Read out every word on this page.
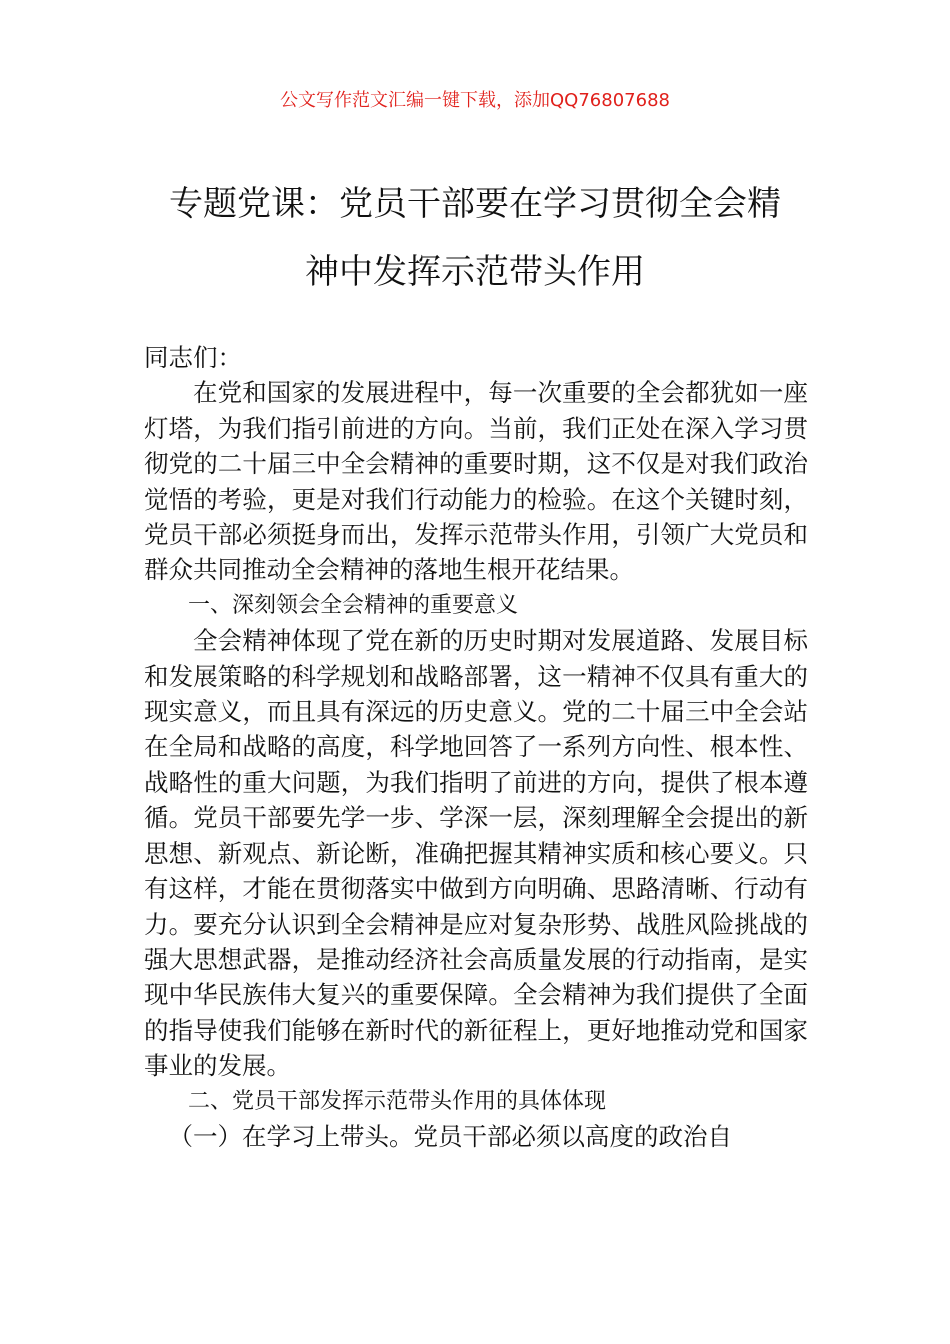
公文写作范文汇编一键下载，添加QQ76807688
专题党课：党员干部要在学习贯彻全会精
神中发挥示范带头作用

同志们：

在党和国家的发展进程中，每一次重要的全会都犹如一座灯塔，为我们指引前进的方向。当前，我们正处在深入学习贯彻党的二十届三中全会精神的重要时期，这不仅是对我们政治觉悟的考验，更是对我们行动能力的检验。在这个关键时刻，党员干部必须挺身而出，发挥示范带头作用，引领广大党员和群众共同推动全会精神的落地生根开花结果。

一、深刻领会全会精神的重要意义

全会精神体现了党在新的历史时期对发展道路、发展目标和发展策略的科学规划和战略部署，这一精神不仅具有重大的现实意义，而且具有深远的历史意义。党的二十届三中全会站在全局和战略的高度，科学地回答了一系列方向性、根本性、战略性的重大问题，为我们指明了前进的方向，提供了根本遵循。党员干部要先学一步、学深一层，深刻理解全会提出的新思想、新观点、新论断，准确把握其精神实质和核心要义。只有这样，才能在贯彻落实中做到方向明确、思路清晰、行动有力。要充分认识到全会精神是应对复杂形势、战胜风险挑战的强大思想武器，是推动经济社会高质量发展的行动指南，是实现中华民族伟大复兴的重要保障。全会精神为我们提供了全面的指导使我们能够在新时代的新征程上，更好地推动党和国家事业的发展。

二、党员干部发挥示范带头作用的具体体现

（一）在学习上带头。党员干部必须以高度的政治自
